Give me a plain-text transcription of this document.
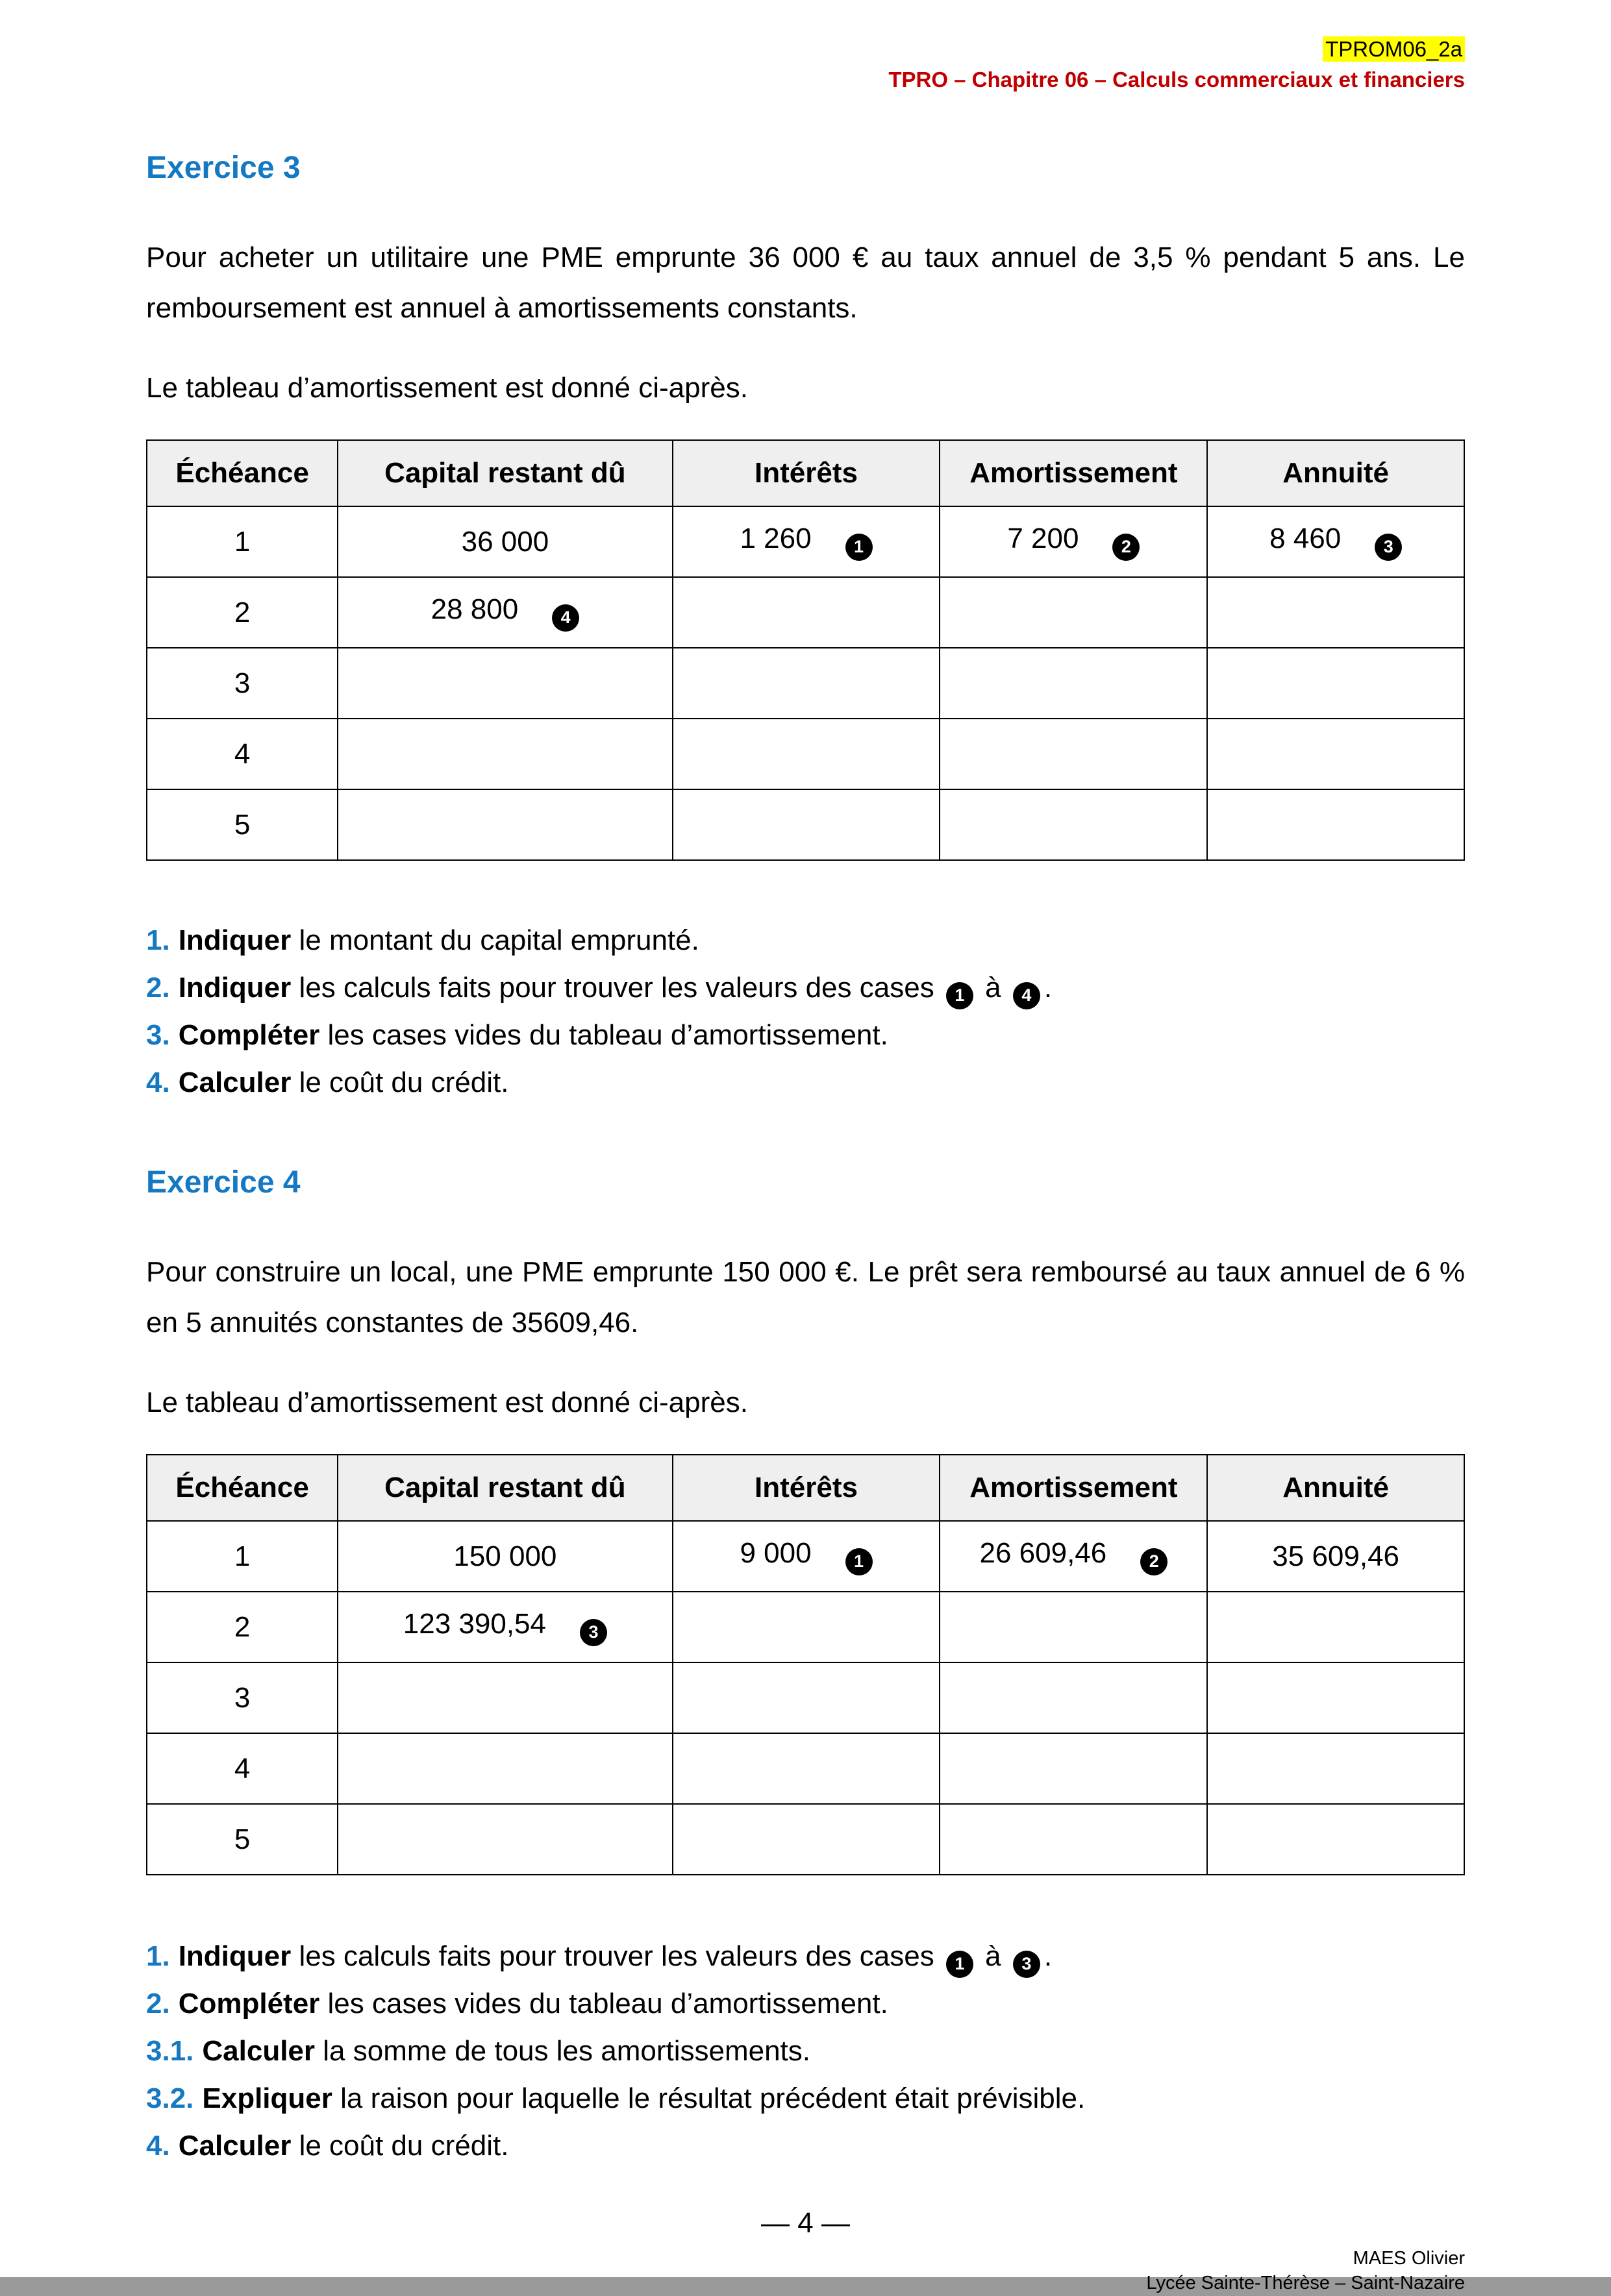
TPROM06_2a
TPRO – Chapitre 06 – Calculs commerciaux et financiers
Exercice 3

Pour acheter un utilitaire une PME emprunte 36 000 € au taux annuel de 3,5 % pendant 5 ans. Le remboursement est annuel à amortissements constants.

Le tableau d’amortissement est donné ci-après.

Échéance	Capital restant dû	Intérêts	Amortissement	Annuité
1	36 000	1 260 1	7 200 2	8 460 3
2	28 800 4			
3				
4				
5				
1. Indiquer le montant du capital emprunté.
2. Indiquer les calculs faits pour trouver les valeurs des cases 1 à 4 .
3. Compléter les cases vides du tableau d’amortissement.
4. Calculer le coût du crédit.
Exercice 4

Pour construire un local, une PME emprunte 150 000 €. Le prêt sera remboursé au taux annuel de 6 % en 5 annuités constantes de 35609,46.

Le tableau d’amortissement est donné ci-après.

Échéance	Capital restant dû	Intérêts	Amortissement	Annuité
1	150 000	9 000 1	26 609,46 2	35 609,46
2	123 390,54 3			
3				
4				
5				
1. Indiquer les calculs faits pour trouver les valeurs des cases 1 à 3 .
2. Compléter les cases vides du tableau d’amortissement.
3.1. Calculer la somme de tous les amortissements.
3.2. Expliquer la raison pour laquelle le résultat précédent était prévisible.
4. Calculer le coût du crédit.
— 4 —
MAES Olivier
Lycée Sainte-Thérèse – Saint-Nazaire
